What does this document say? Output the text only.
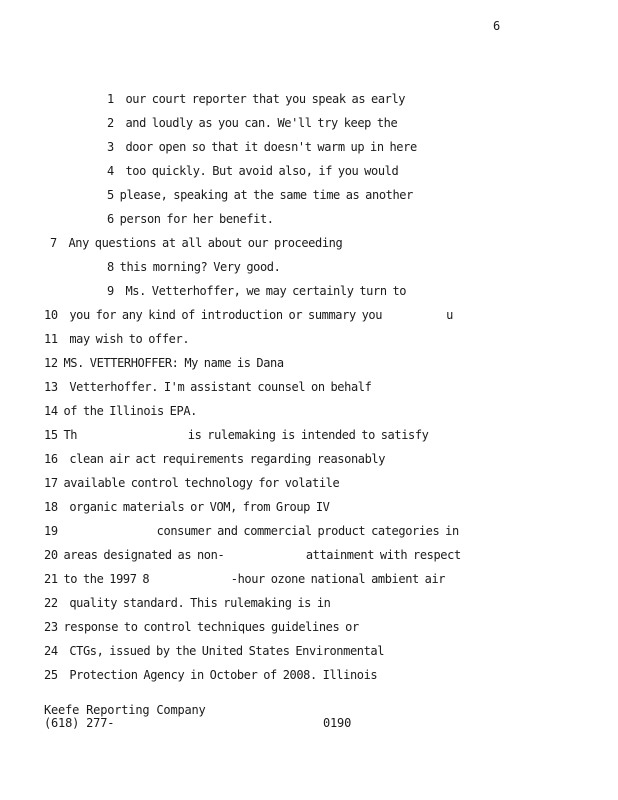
6
1 our court reporter that you speak as early
2 and loudly as you can. We'll try keep the
3 door open so that it doesn't warm up in here
4 too quickly. But avoid also, if you would
5 please, speaking at the same time as another
6 person for her benefit.
7 Any questions at all about our proceeding
8 this morning? Very good.
9 Ms. Vetterhoffer, we may certainly turn to
10 you for any kind of introduction or summary you           u
11 may wish to offer.
12 MS. VETTERHOFFER: My name is Dana
13 Vetterhoffer. I'm assistant counsel on behalf
14 of the Illinois EPA.
15 Th                   is rulemaking is intended to satisfy
16 clean air act requirements regarding reasonably
17 available control technology for volatile
18 organic materials or VOM, from Group IV
19                 consumer and commercial product categories in
20 areas designated as non-              attainment with respect
21 to the 1997 8              -hour ozone national ambient air
22 quality standard. This rulemaking is in
23 response to control techniques guidelines or
24 CTGs, issued by the United States Environmental
25 Protection Agency in October of 2008. Illinois
Keefe Reporting Company
(618) 277-	0190
